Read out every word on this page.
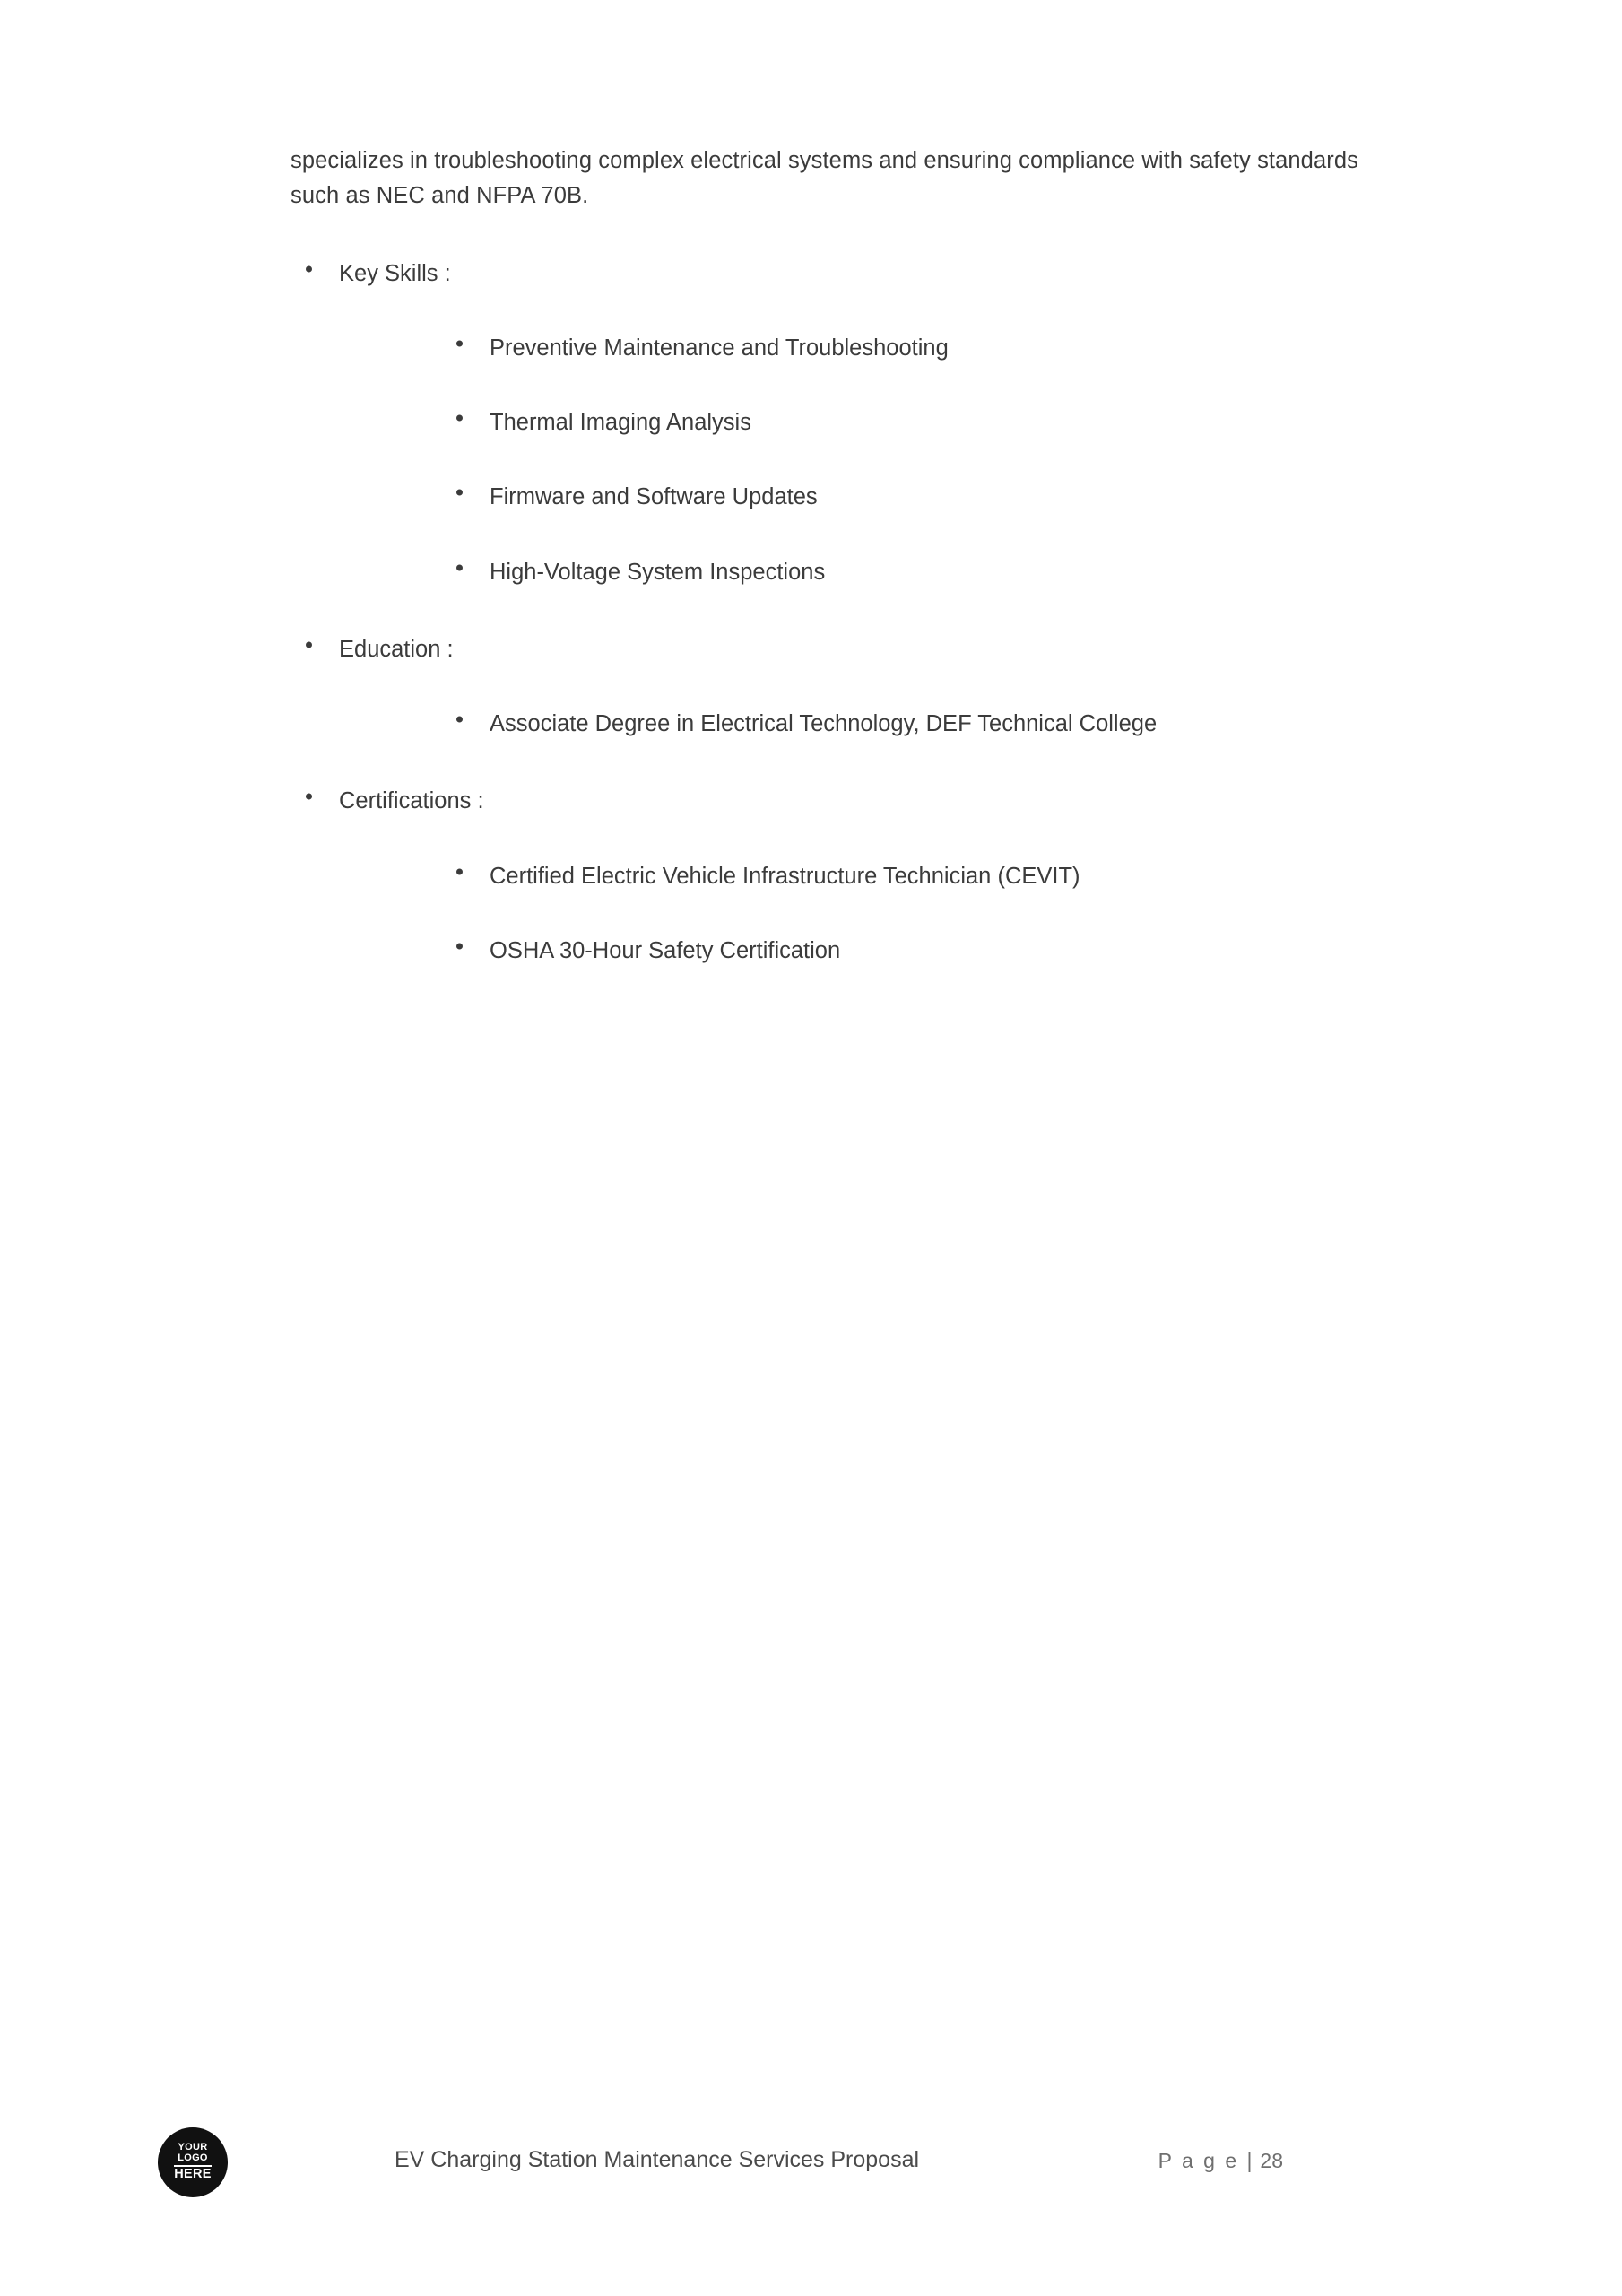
specializes in troubleshooting complex electrical systems and ensuring compliance with safety standards such as NEC and NFPA 70B.

Key Skills :
Preventive Maintenance and Troubleshooting
Thermal Imaging Analysis
Firmware and Software Updates
High-Voltage System Inspections
Education :
Associate Degree in Electrical Technology, DEF Technical College
Certifications :
Certified Electric Vehicle Infrastructure Technician (CEVIT)
OSHA 30-Hour Safety Certification
YOUR
LOGO
HERE
EV Charging Station Maintenance Services Proposal	P a g e | 28
